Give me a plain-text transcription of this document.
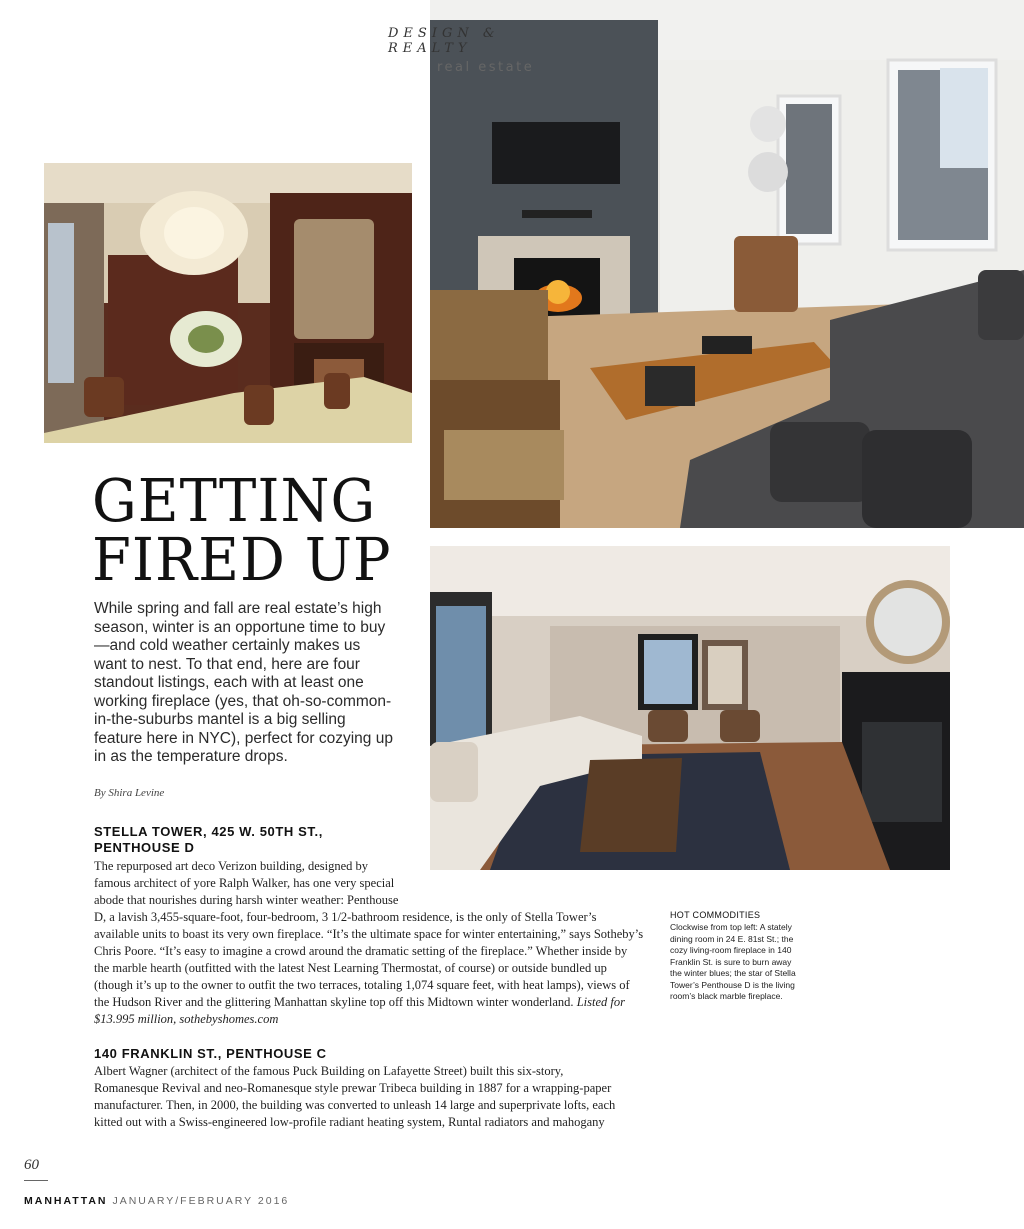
DESIGN & REALTY
real estate
GETTING
FIRED UP
While spring and fall are real estate’s high season, winter is an opportune time to buy—and cold weather certainly makes us want to nest. To that end, here are four standout listings, each with at least one working fireplace (yes, that oh-so-common-in-the-suburbs mantel is a big selling feature here in NYC), perfect for cozying up in as the temperature drops.
By Shira Levine
STELLA TOWER, 425 W. 50TH ST.,
PENTHOUSE D
The repurposed art deco Verizon building, designed by
famous architect of yore Ralph Walker, has one very special
abode that nourishes during harsh winter weather: Penthouse
D, a lavish 3,455-square-foot, four-bedroom, 3 1/2-bathroom residence, is the only of Stella Tower’s
available units to boast its very own fireplace. “It’s the ultimate space for winter entertaining,” says Sotheby’s
Chris Poore. “It’s easy to imagine a crowd around the dramatic setting of the fireplace.” Whether inside by
the marble hearth (outfitted with the latest Nest Learning Thermostat, of course) or outside bundled up
(though it’s up to the owner to outfit the two terraces, totaling 1,074 square feet, with heat lamps), views of
the Hudson River and the glittering Manhattan skyline top off this Midtown winter wonderland. Listed for
$13.995 million, sothebyshomes.com
140 FRANKLIN ST., PENTHOUSE C
Albert Wagner (architect of the famous Puck Building on Lafayette Street) built this six-story,
Romanesque Revival and neo-Romanesque style prewar Tribeca building in 1887 for a wrapping-paper
manufacturer. Then, in 2000, the building was converted to unleash 14 large and superprivate lofts, each
kitted out with a Swiss-engineered low-profile radiant heating system, Runtal radiators and mahogany
HOT COMMODITIES
Clockwise from top left: A stately
dining room in 24 E. 81st St.; the
cozy living-room fireplace in 140
Franklin St. is sure to burn away
the winter blues; the star of Stella
Tower’s Penthouse D is the living
room’s black marble fireplace.
60
MANHATTAN JANUARY/FEBRUARY 2016
